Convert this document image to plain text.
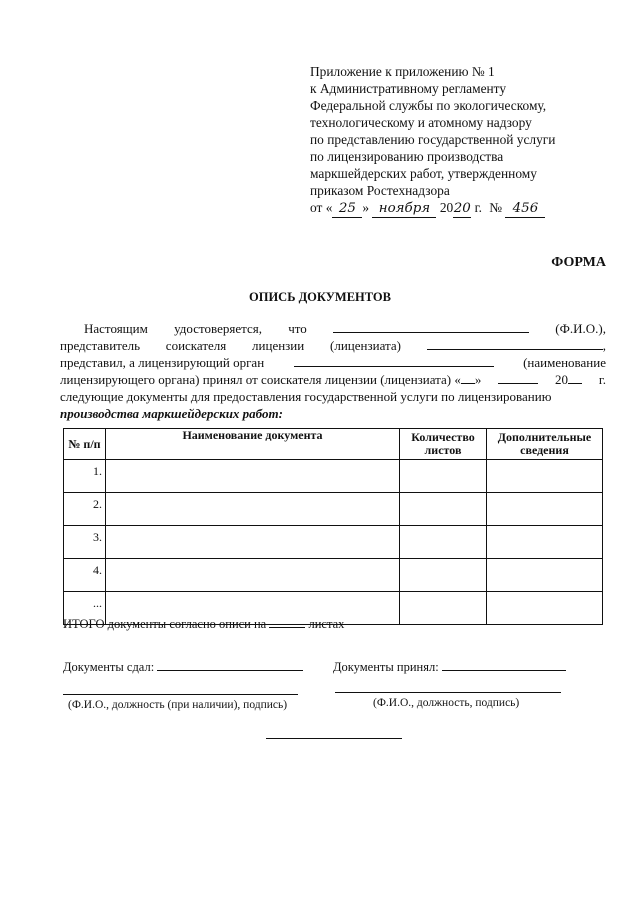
Приложение к приложению № 1
к Административному регламенту
Федеральной службы по экологическому,
технологическому и атомному надзору
по представлению государственной услуги
по лицензированию производства
маркшейдерских работ, утвержденному
приказом Ростехнадзора
от « 25 » ноября 2020 г. № 456
ФОРМА
ОПИСЬ ДОКУМЕНТОВ
Настоящим удостоверяется, что	(Ф.И.О.),
представитель соискателя лицензии (лицензиата)	,
представил, а лицензирующий орган	(наименование
лицензирующего органа) принял от соискателя лицензии (лицензиата) « »	20	г.
следующие документы для предоставления государственной услуги по лицензированию
производства маркшейдерских работ:
№ п/п	Наименование документа	Количество листов	Дополнительные сведения
1.			
2.			
3.			
4.			
...			
ИТОГО документы согласно описи на	листах
Документы сдал:	Документы принял:
(Ф.И.О., должность (при наличии), подпись)	(Ф.И.О., должность, подпись)
